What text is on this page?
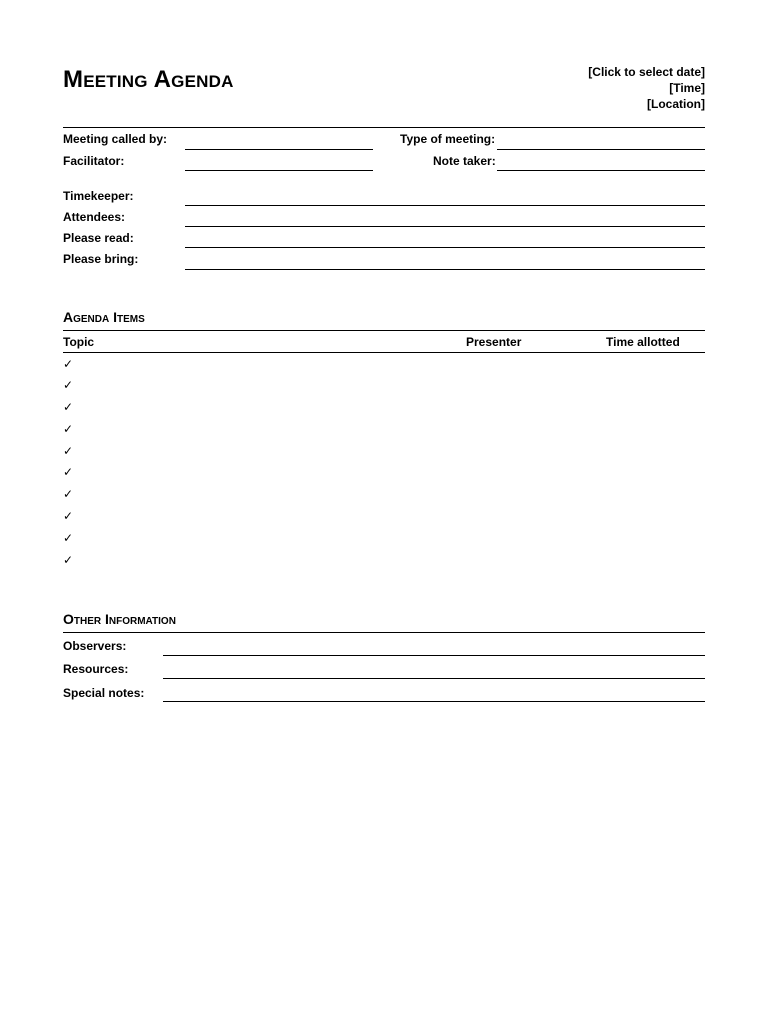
Meeting Agenda	[Click to select date]
[Time]
[Location]
Meeting called by:	Type of meeting:
Facilitator:	Note taker:
Timekeeper:
Attendees:
Please read:
Please bring:
Agenda Items
Topic	Presenter	Time allotted
✓
✓
✓
✓
✓
✓
✓
✓
✓
✓
Other Information
Observers:
Resources:
Special notes:
